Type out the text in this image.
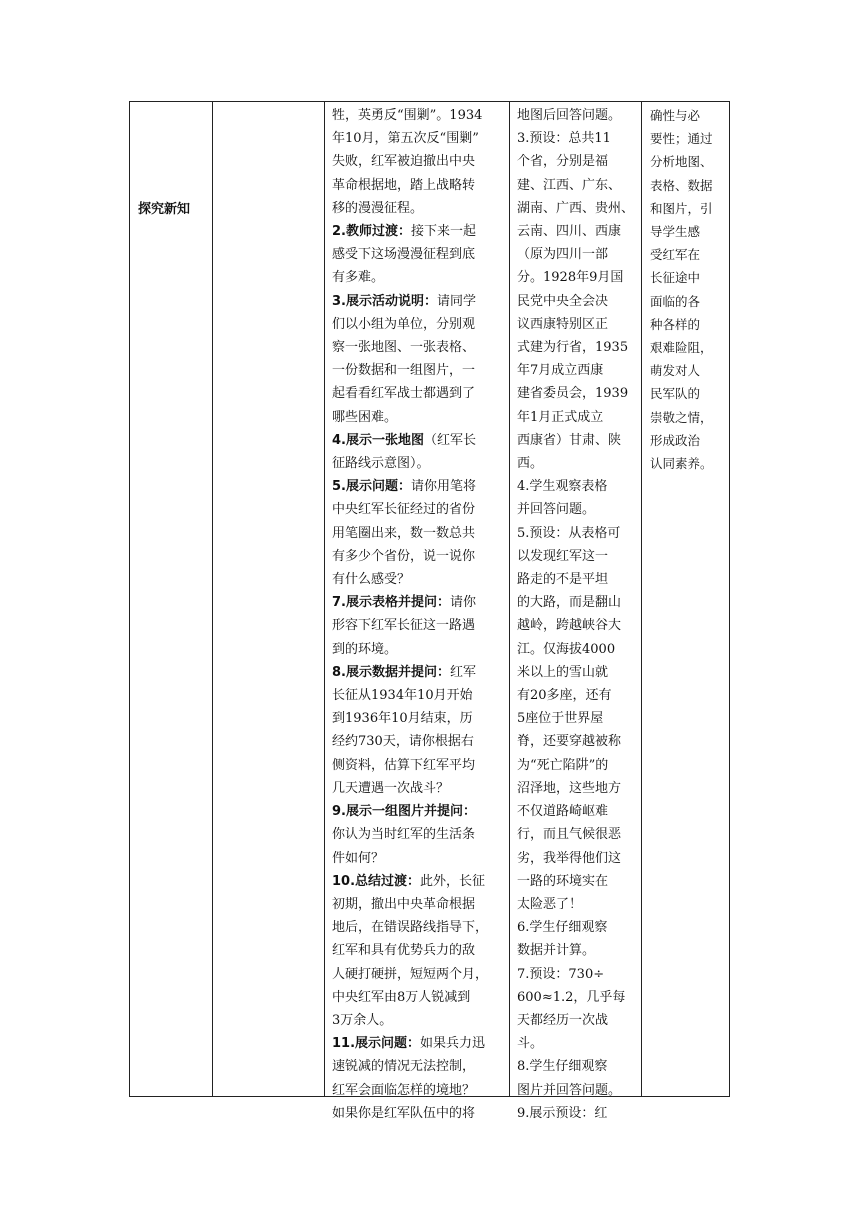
探究新知
牲，英勇反“围剿”。1934
年10月，第五次反“围剿”
失败，红军被迫撤出中央
革命根据地，踏上战略转
移的漫漫征程。
2.教师过渡：接下来一起
感受下这场漫漫征程到底
有多难。
3.展示活动说明：请同学
们以小组为单位，分别观
察一张地图、一张表格、
一份数据和一组图片，一
起看看红军战士都遇到了
哪些困难。
4.展示一张地图（红军长
征路线示意图）。
5.展示问题：请你用笔将
中央红军长征经过的省份
用笔圈出来，数一数总共
有多少个省份，说一说你
有什么感受？
7.展示表格并提问：请你
形容下红军长征这一路遇
到的环境。
8.展示数据并提问：红军
长征从1934年10月开始
到1936年10月结束，历
经约730天，请你根据右
侧资料，估算下红军平均
几天遭遇一次战斗？
9.展示一组图片并提问：
你认为当时红军的生活条
件如何？
10.总结过渡：此外，长征
初期，撤出中央革命根据
地后，在错误路线指导下，
红军和具有优势兵力的敌
人硬打硬拼，短短两个月，
中央红军由8万人锐减到
3万余人。
11.展示问题：如果兵力迅
速锐减的情况无法控制，
红军会面临怎样的境地？
如果你是红军队伍中的将
地图后回答问题。
3.预设：总共11
个省，分别是福
建、江西、广东、
湖南、广西、贵州、
云南、四川、西康
（原为四川一部
分。1928年9月国
民党中央全会决
议西康特别区正
式建为行省，1935
年7月成立西康
建省委员会，1939
年1月正式成立
西康省）甘肃、陕
西。
4.学生观察表格
并回答问题。
5.预设：从表格可
以发现红军这一
路走的不是平坦
的大路，而是翻山
越岭，跨越峡谷大
江。仅海拔4000
米以上的雪山就
有20多座，还有
5座位于世界屋
脊，还要穿越被称
为“死亡陷阱”的
沼泽地，这些地方
不仅道路崎岖难
行，而且气候很恶
劣，我举得他们这
一路的环境实在
太险恶了！
6.学生仔细观察
数据并计算。
7.预设：730÷
600≈1.2，几乎每
天都经历一次战
斗。
8.学生仔细观察
图片并回答问题。
9.展示预设：红
确性与必
要性；通过
分析地图、
表格、数据
和图片，引
导学生感
受红军在
长征途中
面临的各
种各样的
艰难险阻，
萌发对人
民军队的
崇敬之情，
形成政治
认同素养。
